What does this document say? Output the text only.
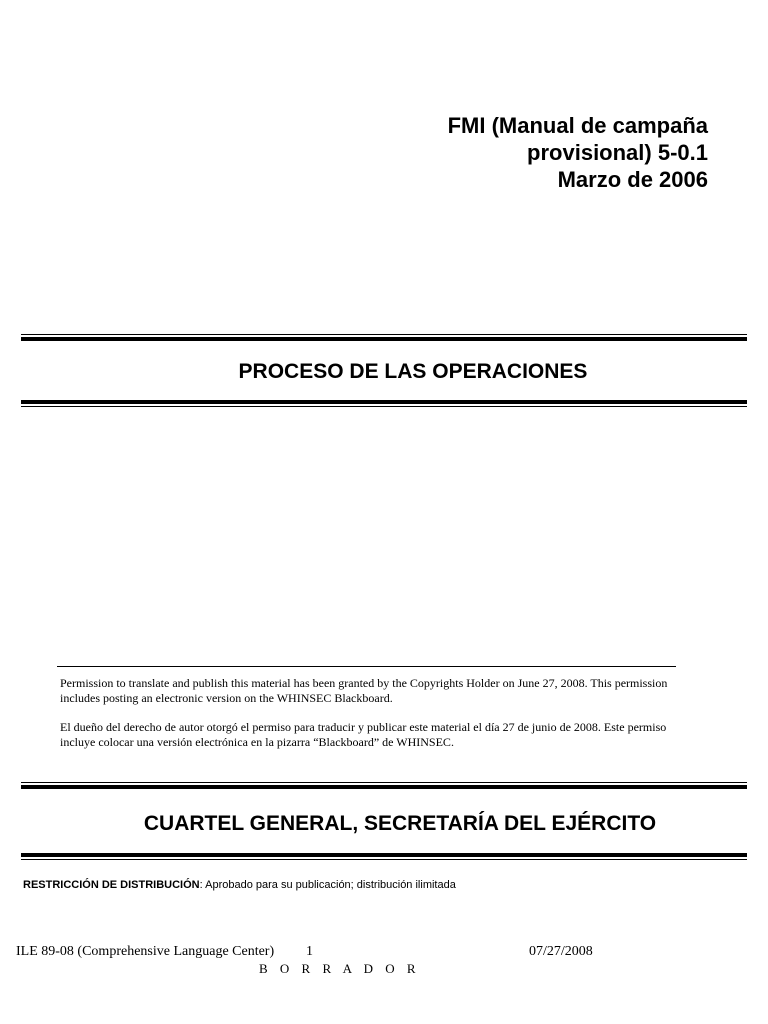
FMI (Manual de campaña
provisional) 5-0.1
Marzo de 2006
PROCESO DE LAS OPERACIONES

Permission to translate and publish this material has been granted by the Copyrights Holder on June 27, 2008. This permission includes posting an electronic version on the WHINSEC Blackboard.

El dueño del derecho de autor otorgó el permiso para traducir y publicar este material el día 27 de junio de 2008. Este permiso incluye colocar una versión electrónica en la pizarra “Blackboard” de WHINSEC.

CUARTEL GENERAL, SECRETARÍA DEL EJÉRCITO
RESTRICCIÓN DE DISTRIBUCIÓN: Aprobado para su publicación; distribución ilimitada
ILE 89-08 (Comprehensive Language Center) 1	07/27/2008
B O R R A D O R
